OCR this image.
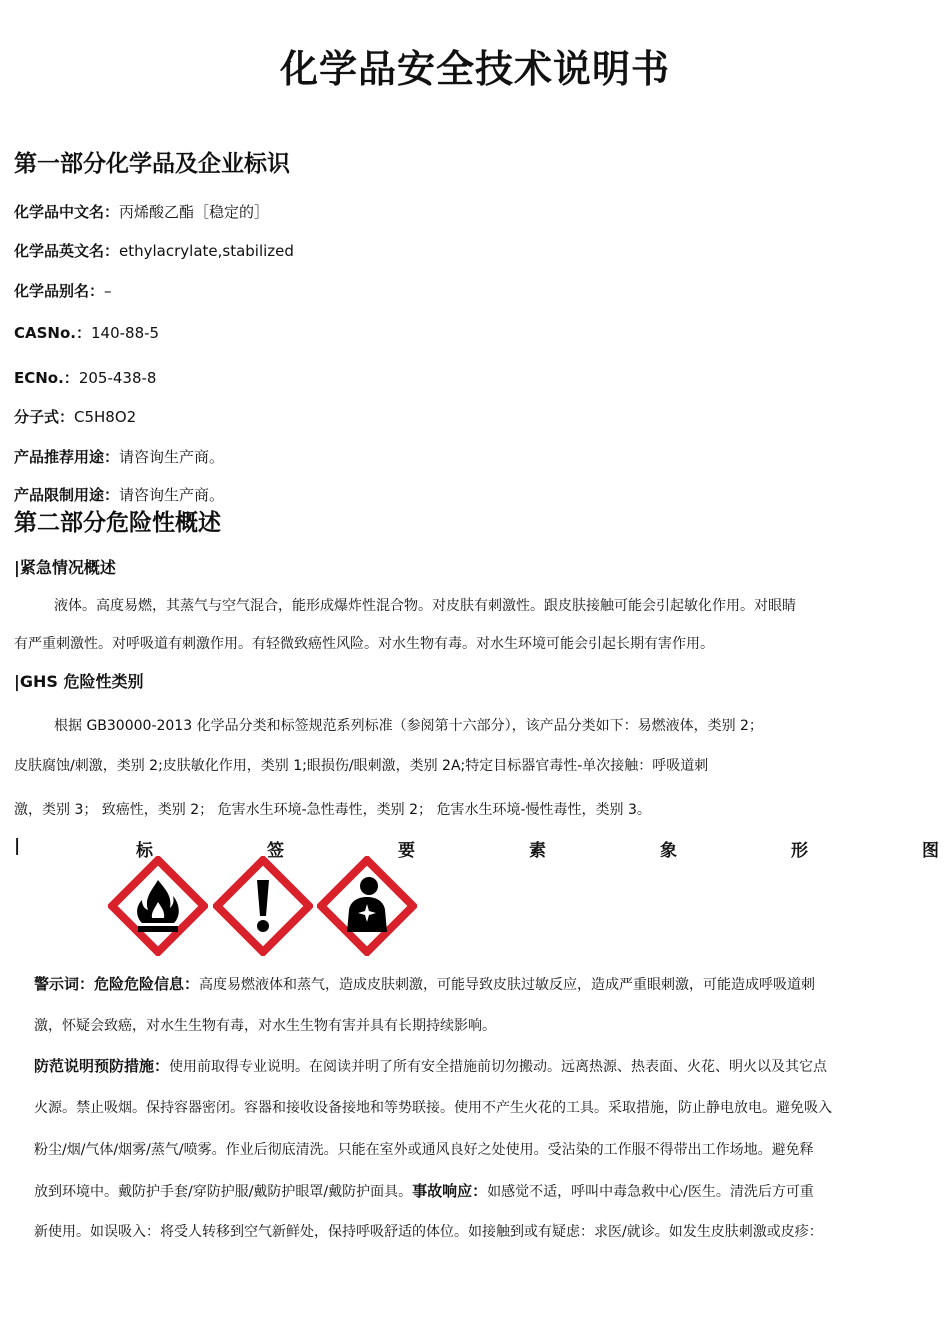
化学品安全技术说明书
第一部分化学品及企业标识
化学品中文名：丙烯酸乙酯［稳定的］
化学品英文名：ethylacrylate,stabilized
化学品别名：–
CASNo.：140-88-5
ECNo.：205-438-8
分子式：C5H8O2
产品推荐用途：请咨询生产商。
产品限制用途：请咨询生产商。
第二部分危险性概述
|紧急情况概述
液体。高度易燃，其蒸气与空气混合，能形成爆炸性混合物。对皮肤有刺激性。跟皮肤接触可能会引起敏化作用。对眼睛
有严重刺激性。对呼吸道有刺激作用。有轻微致癌性风险。对水生物有毒。对水生环境可能会引起长期有害作用。
|GHS 危险性类别
根据 GB30000-2013 化学品分类和标签规范系列标准（参阅第十六部分），该产品分类如下：易燃液体，类别 2；
皮肤腐蚀/刺激，类别 2;皮肤敏化作用，类别 1;眼损伤/眼刺激，类别 2A;特定目标器官毒性-单次接触：呼吸道刺
激，类别 3； 致癌性，类别 2； 危害水生环境-急性毒性，类别 2； 危害水生环境-慢性毒性，类别 3。
|	标	签	要	素	象	形	图
警示词：危险危险信息：高度易燃液体和蒸气，造成皮肤刺激，可能导致皮肤过敏反应，造成严重眼刺激，可能造成呼吸道刺
激，怀疑会致癌，对水生生物有毒，对水生生物有害并具有长期持续影响。
防范说明预防措施：使用前取得专业说明。在阅读并明了所有安全措施前切勿搬动。远离热源、热表面、火花、明火以及其它点
火源。禁止吸烟。保持容器密闭。容器和接收设备接地和等势联接。使用不产生火花的工具。采取措施，防止静电放电。避免吸入
粉尘/烟/气体/烟雾/蒸气/喷雾。作业后彻底清洗。只能在室外或通风良好之处使用。受沾染的工作服不得带出工作场地。避免释
放到环境中。戴防护手套/穿防护服/戴防护眼罩/戴防护面具。事故响应：如感觉不适，呼叫中毒急救中心/医生。清洗后方可重
新使用。如误吸入：将受人转移到空气新鲜处，保持呼吸舒适的体位。如接触到或有疑虑：求医/就诊。如发生皮肤刺激或皮疹：
